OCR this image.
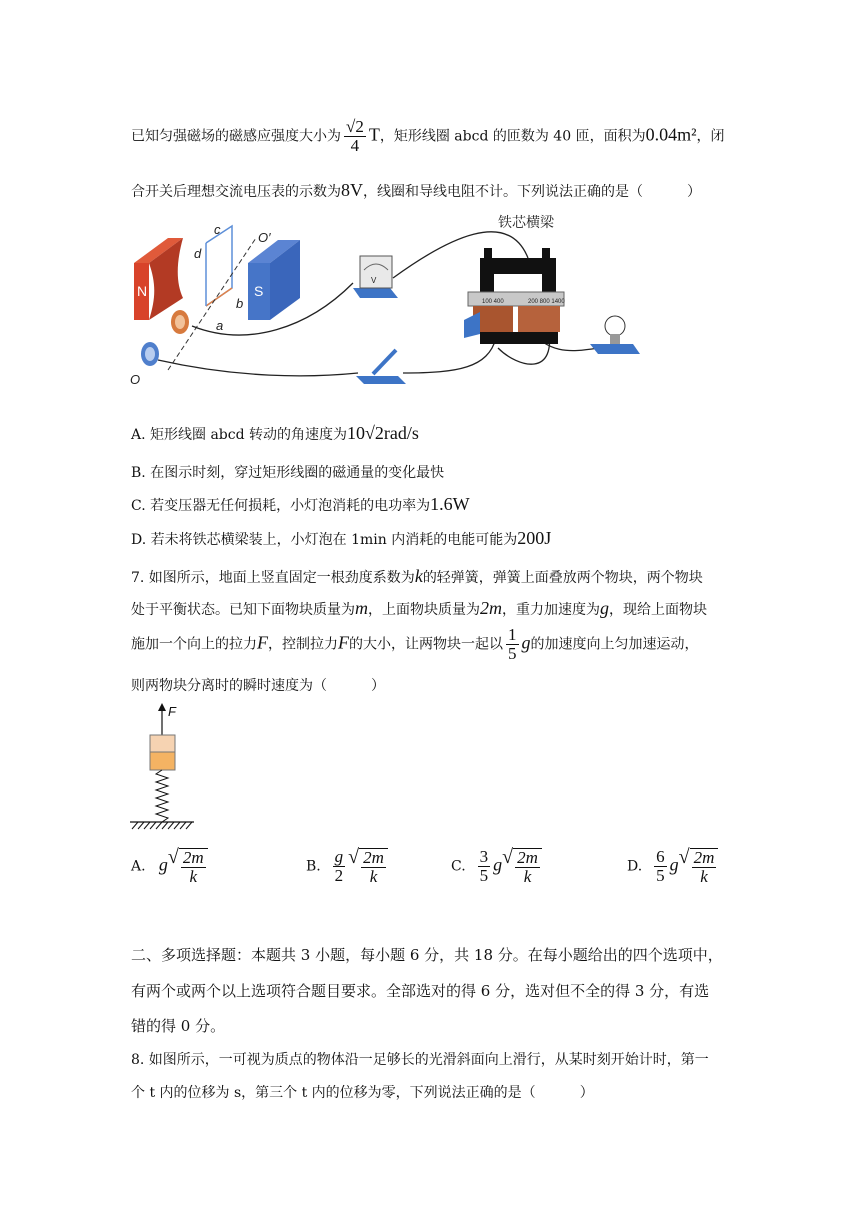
已知匀强磁场的磁感应强度大小为 $\frac{√2}{4}$ T，矩形线圈 abcd 的匝数为 40 匝，面积为0.04m²，闭
合开关后理想交流电压表的示数为8V，线圈和导线电阻不计。下列说法正确的是（	）
N	S
c
d
b
a
O′
O
V
铁芯横梁
100 400	200 800 1400
A. 矩形线圈 abcd 转动的角速度为10√2rad/s
B. 在图示时刻，穿过矩形线圈的磁通量的变化最快
C. 若变压器无任何损耗，小灯泡消耗的电功率为1.6W
D. 若未将铁芯横梁装上，小灯泡在 1min 内消耗的电能可能为200J
7. 如图所示，地面上竖直固定一根劲度系数为k的轻弹簧，弹簧上面叠放两个物块，两个物块
处于平衡状态。已知下面物块质量为m，上面物块质量为2m，重力加速度为g，现给上面物块
施加一个向上的拉力F，控制拉力F的大小，让两物块一起以 $\frac{1}{5}$ g的加速度向上匀加速运动，
则两物块分离时的瞬时速度为（	）
F
A. g √ $\frac{2m}{k}$	B. $\frac{g}{2}$ √ $\frac{2m}{k}$	C. $\frac{3}{5}$ g √ $\frac{2m}{k}$	D. $\frac{6}{5}$ g √ $\frac{2m}{k}$
二、多项选择题：本题共 3 小题，每小题 6 分，共 18 分。在每小题给出的四个选项中，
有两个或两个以上选项符合题目要求。全部选对的得 6 分，选对但不全的得 3 分，有选
错的得 0 分。
8. 如图所示，一可视为质点的物体沿一足够长的光滑斜面向上滑行，从某时刻开始计时，第一
个 t 内的位移为 s，第三个 t 内的位移为零，下列说法正确的是（	）
